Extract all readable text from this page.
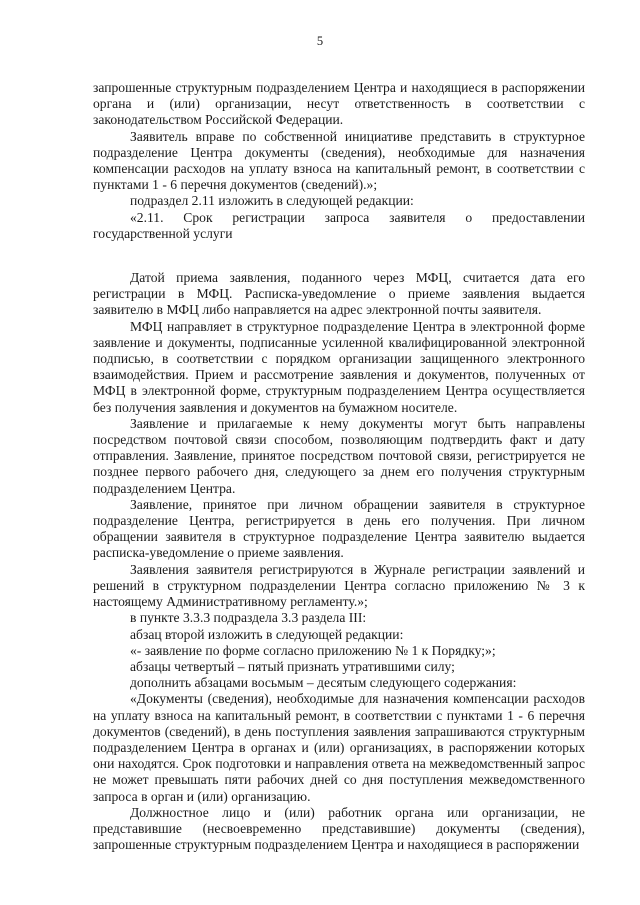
5

запрошенные структурным подразделением Центра и находящиеся в распоряжении органа и (или) организации, несут ответственность в соответствии с законодательством Российской Федерации.

Заявитель вправе по собственной инициативе представить в структурное подразделение Центра документы (сведения), необходимые для назначения компенсации расходов на уплату взноса на капитальный ремонт, в соответствии с пунктами 1 - 6 перечня документов (сведений).»;

подраздел 2.11 изложить в следующей редакции:

«2.11. Срок регистрации запроса заявителя о предоставлении государственной услуги

Датой приема заявления, поданного через МФЦ, считается дата его регистрации в МФЦ. Расписка-уведомление о приеме заявления выдается заявителю в МФЦ либо направляется на адрес электронной почты заявителя.

МФЦ направляет в структурное подразделение Центра в электронной форме заявление и документы, подписанные усиленной квалифицированной электронной подписью, в соответствии с порядком организации защищенного электронного взаимодействия. Прием и рассмотрение заявления и документов, полученных от МФЦ в электронной форме, структурным подразделением Центра осуществляется без получения заявления и документов на бумажном носителе.

Заявление и прилагаемые к нему документы могут быть направлены посредством почтовой связи способом, позволяющим подтвердить факт и дату отправления. Заявление, принятое посредством почтовой связи, регистрируется не позднее первого рабочего дня, следующего за днем его получения структурным подразделением Центра.

Заявление, принятое при личном обращении заявителя в структурное подразделение Центра, регистрируется в день его получения. При личном обращении заявителя в структурное подразделение Центра заявителю выдается расписка-уведомление о приеме заявления.

Заявления заявителя регистрируются в Журнале регистрации заявлений и решений в структурном подразделении Центра согласно приложению № 3 к настоящему Административному регламенту.»;

в пункте 3.3.3 подраздела 3.3 раздела III:

абзац второй изложить в следующей редакции:

«- заявление по форме согласно приложению № 1 к Порядку;»;

абзацы четвертый – пятый признать утратившими силу;

дополнить абзацами восьмым – десятым следующего содержания:

«Документы (сведения), необходимые для назначения компенсации расходов на уплату взноса на капитальный ремонт, в соответствии с пунктами 1 - 6 перечня документов (сведений), в день поступления заявления запрашиваются структурным подразделением Центра в органах и (или) организациях, в распоряжении которых они находятся. Срок подготовки и направления ответа на межведомственный запрос не может превышать пяти рабочих дней со дня поступления межведомственного запроса в орган и (или) организацию.

Должностное лицо и (или) работник органа или организации, не представившие (несвоевременно представившие) документы (сведения), запрошенные структурным подразделением Центра и находящиеся в распоряжении
